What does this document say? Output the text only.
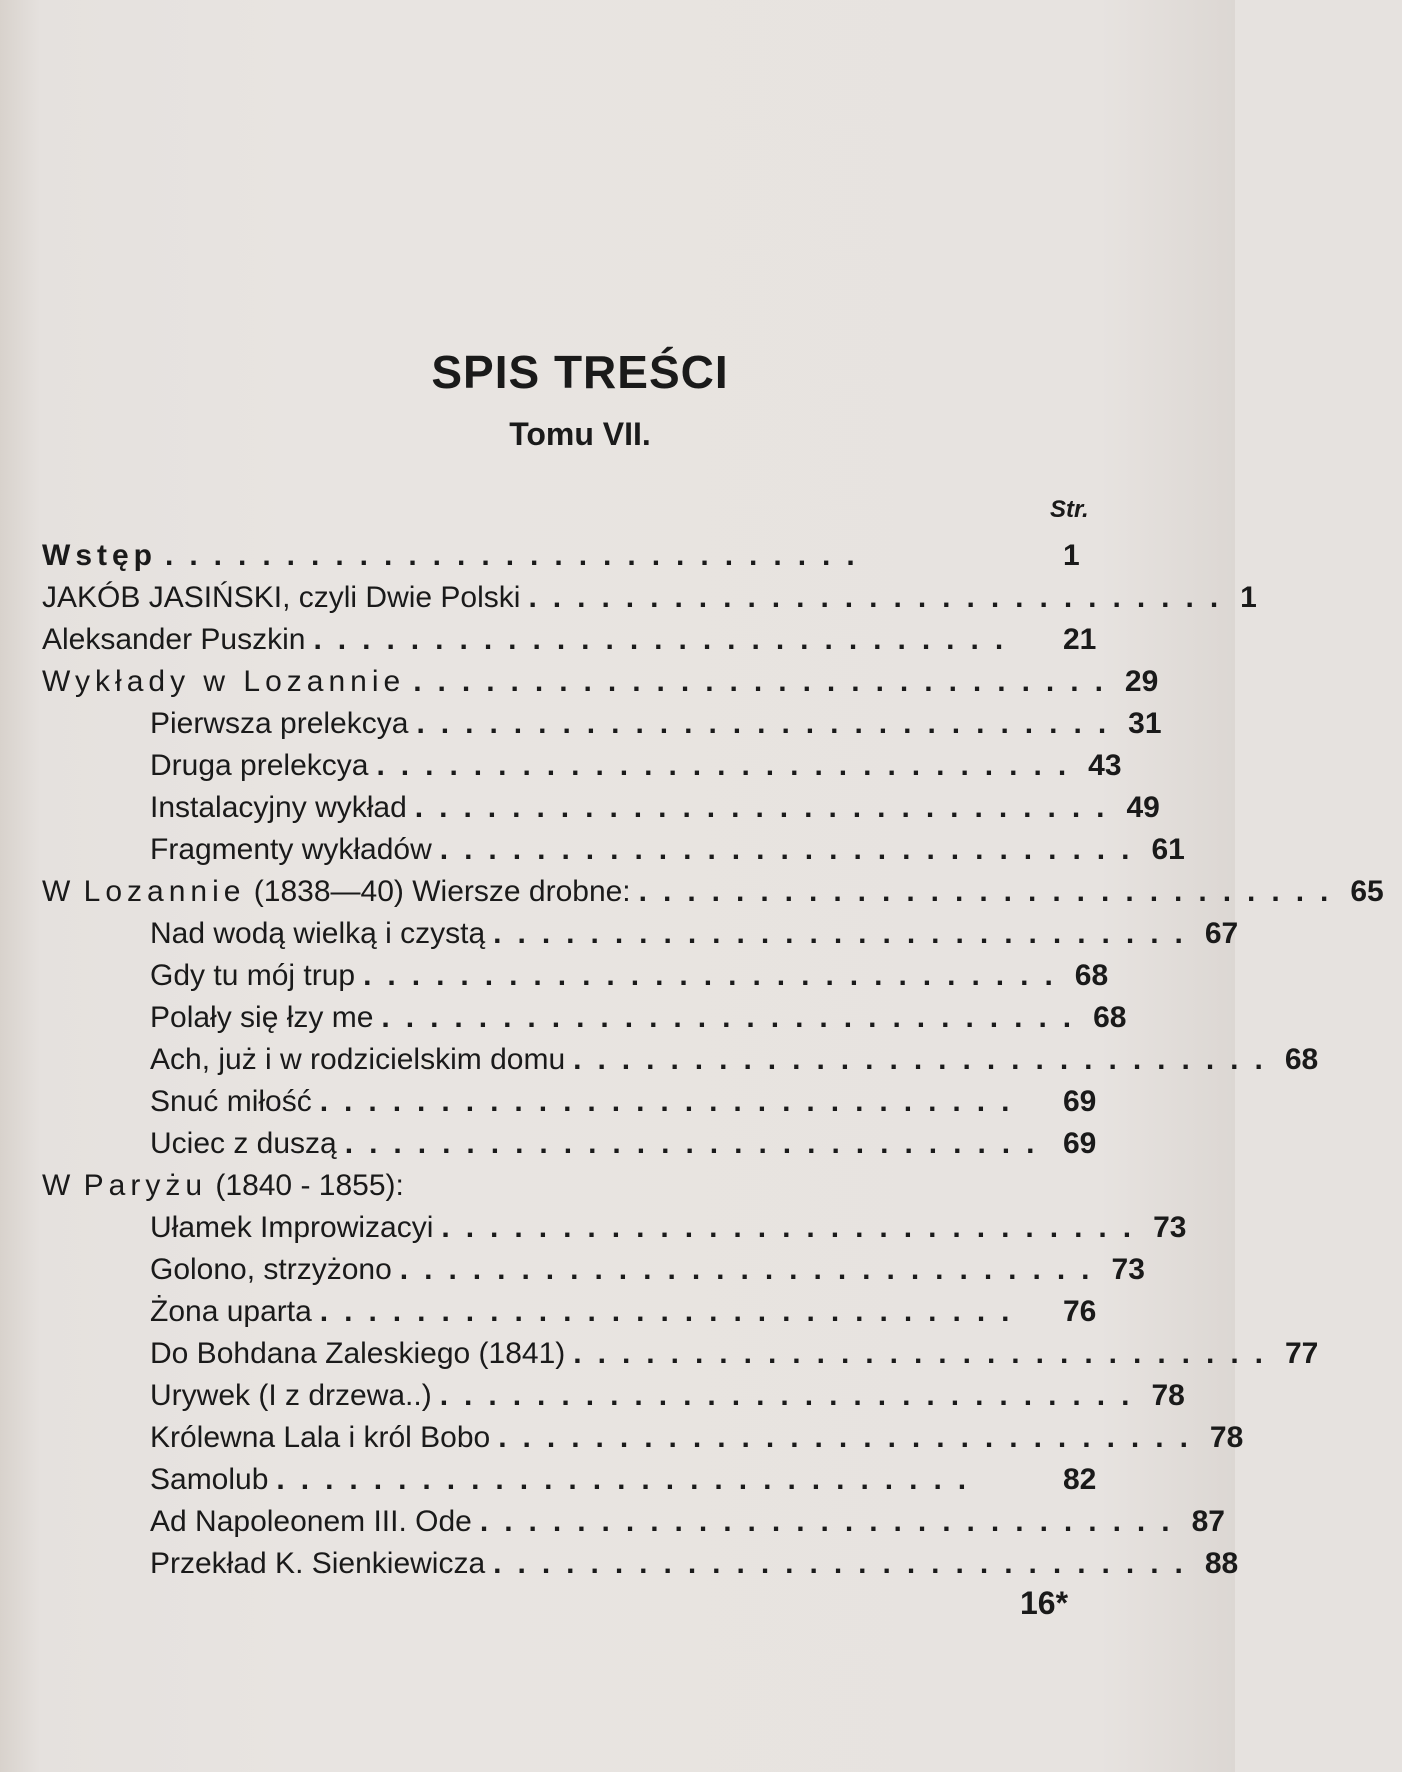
SPIS TREŚCI
Tomu VII.
Str.
Wstęp .............................	1
JAKÓB JASIŃSKI, czyli Dwie Polski ............................. 1
Aleksander Puszkin .............................	21
Wykłady w Lozannie ............................. 29
Pierwsza prelekcya ............................. 31
Druga prelekcya ............................. 43
Instalacyjny wykład ............................. 49
Fragmenty wykładów ............................. 61
W Lozannie (1838—40) Wiersze drobne: ............................. 65
Nad wodą wielką i czystą ............................. 67
Gdy tu mój trup ............................. 68
Polały się łzy me ............................. 68
Ach, już i w rodzicielskim domu ............................. 68
Snuć miłość .............................	69
Uciec z duszą ............................. 69
W Paryżu (1840 - 1855):
Ułamek Improwizacyi ............................. 73
Golono, strzyżono ............................. 73
Żona uparta .............................	76
Do Bohdana Zaleskiego (1841) ............................. 77
Urywek (I z drzewa..) ............................. 78
Królewna Lala i król Bobo ............................. 78
Samolub .............................	82
Ad Napoleonem III. Ode ............................. 87
Przekład K. Sienkiewicza ............................. 88
16*
